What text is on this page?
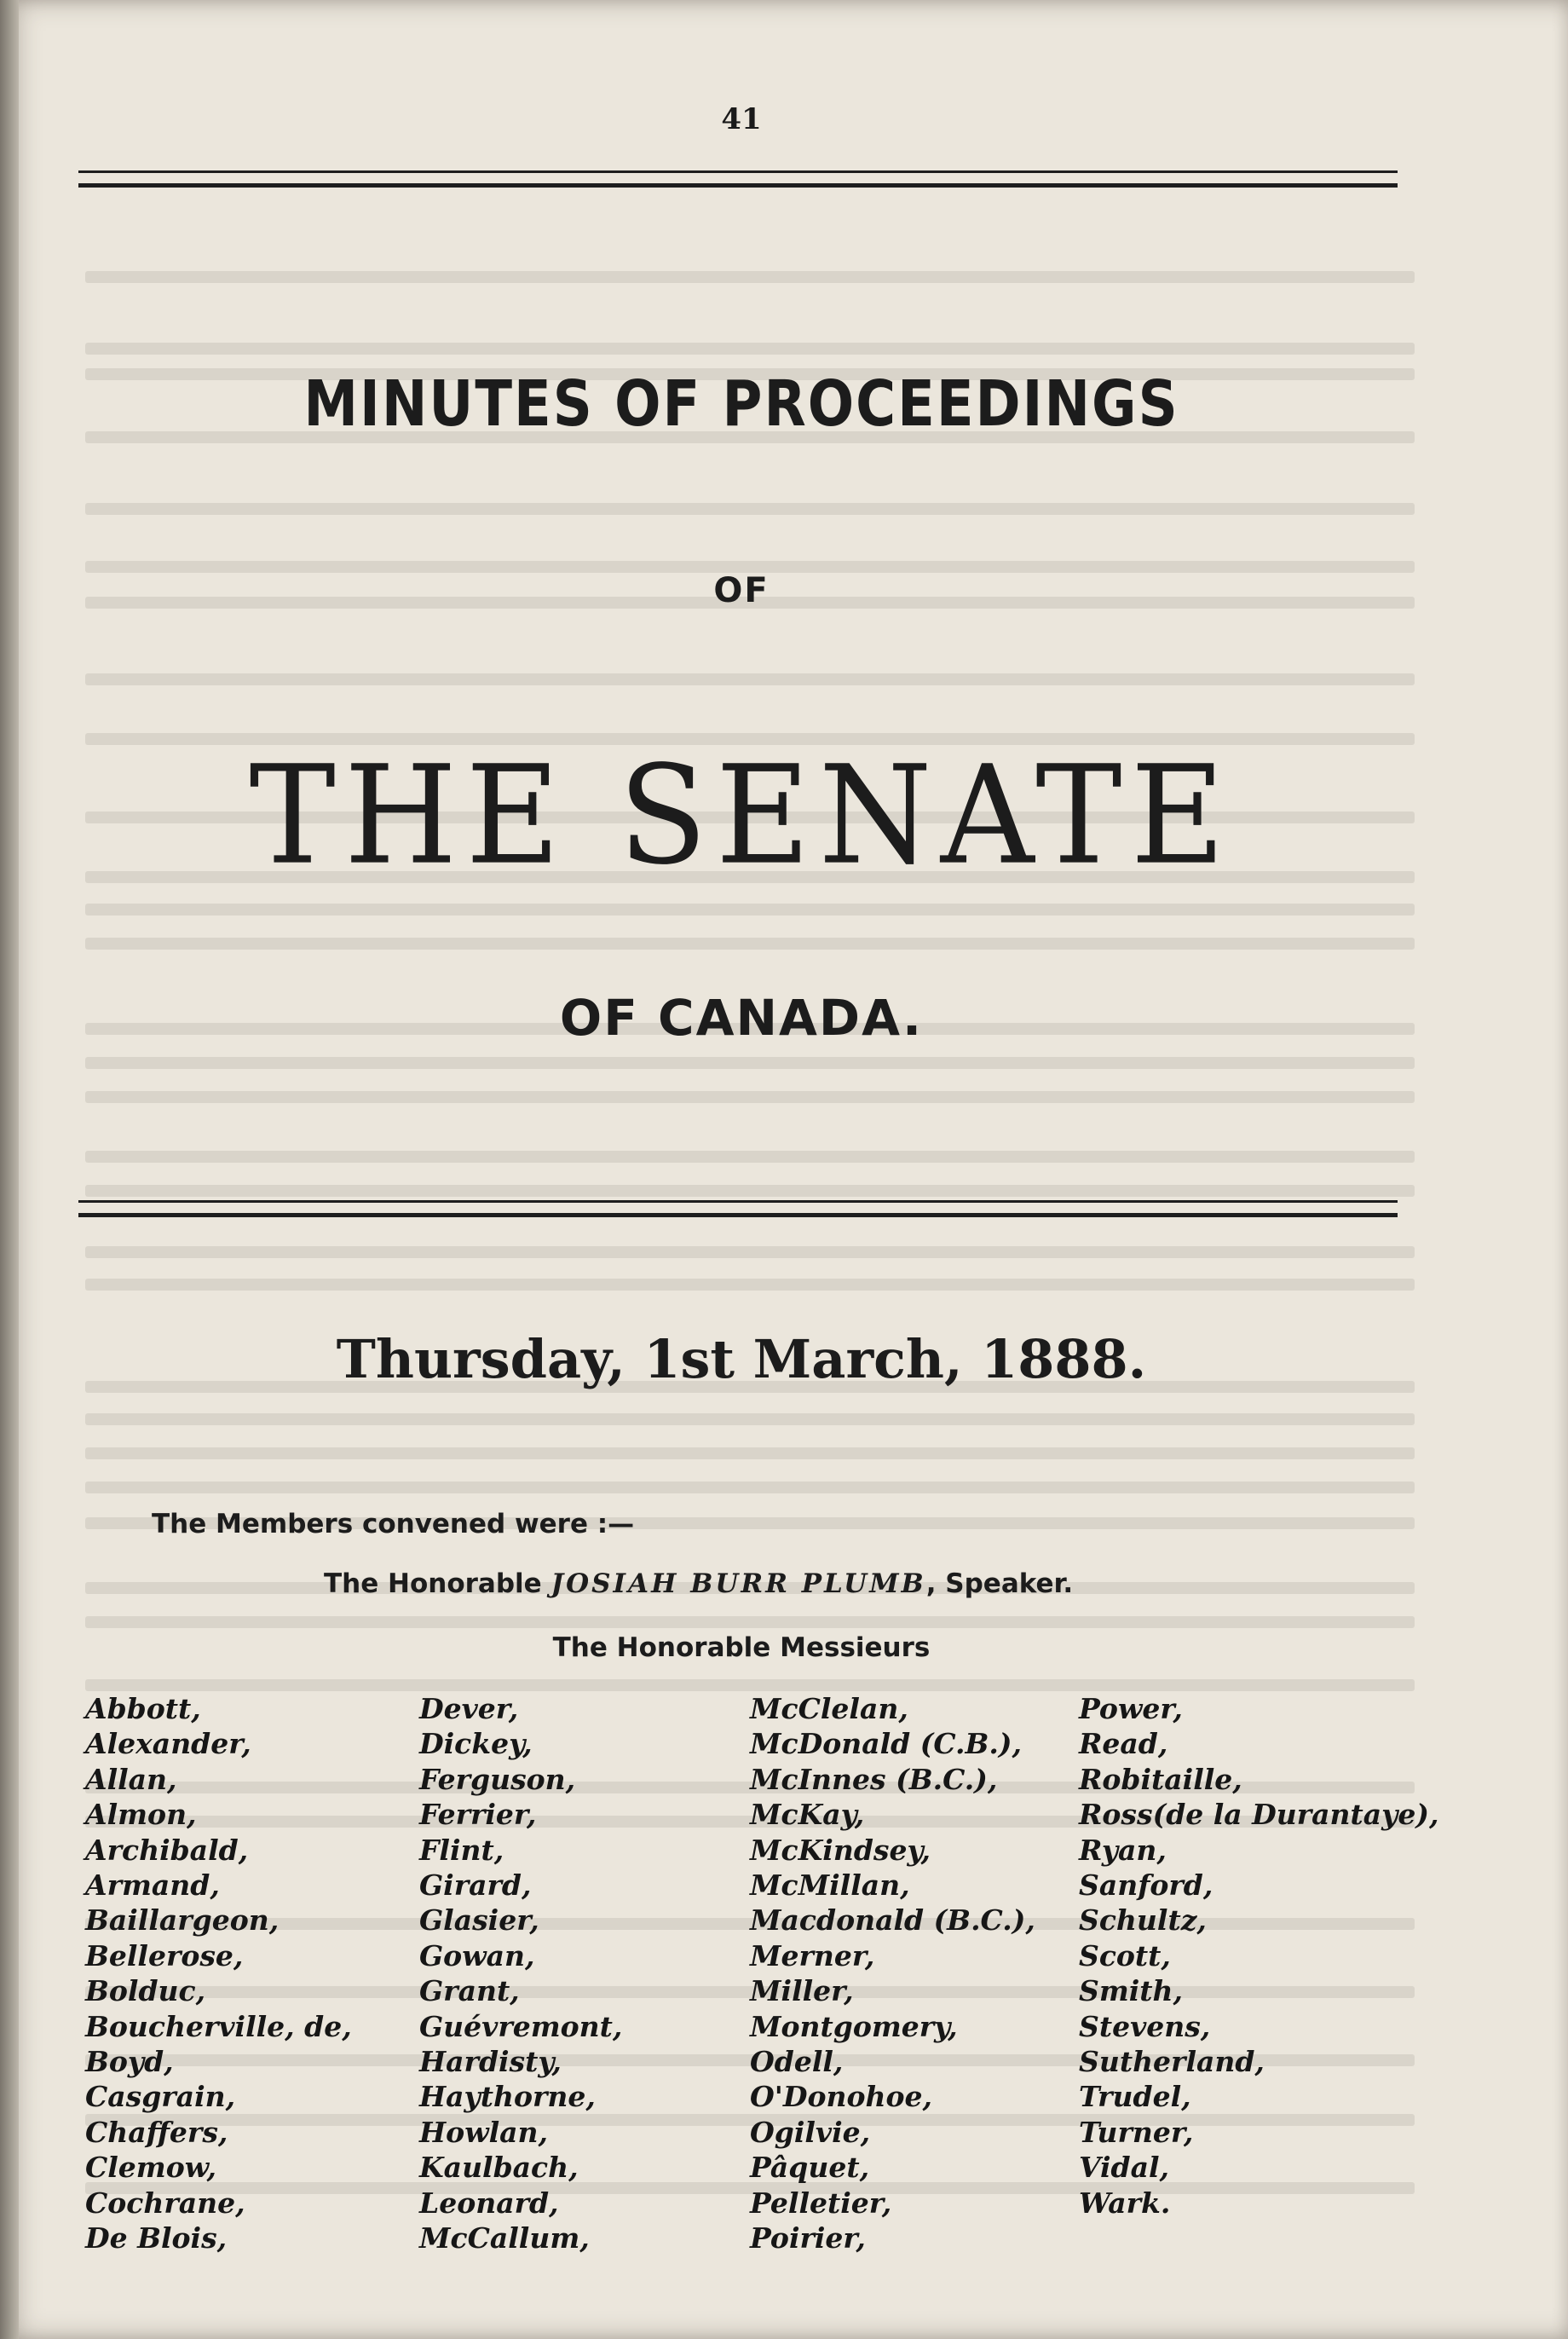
41
MINUTES OF PROCEEDINGS
OF
THE SENATE
OF CANADA.
Thursday, 1st March, 1888.
The Members convened were :—
The Honorable JOSIAH BURR PLUMB, Speaker.
The Honorable Messieurs
Abbott,
Alexander,
Allan,
Almon,
Archibald,
Armand,
Baillargeon,
Bellerose,
Bolduc,
Boucherville, de,
Boyd,
Casgrain,
Chaffers,
Clemow,
Cochrane,
De Blois,
Dever,
Dickey,
Ferguson,
Ferrier,
Flint,
Girard,
Glasier,
Gowan,
Grant,
Guévremont,
Hardisty,
Haythorne,
Howlan,
Kaulbach,
Leonard,
McCallum,
McClelan,
McDonald (C.B.),
McInnes (B.C.),
McKay,
McKindsey,
McMillan,
Macdonald (B.C.),
Merner,
Miller,
Montgomery,
Odell,
O'Donohoe,
Ogilvie,
Pâquet,
Pelletier,
Poirier,
Power,
Read,
Robitaille,
Ross(de la Durantaye),
Ryan,
Sanford,
Schultz,
Scott,
Smith,
Stevens,
Sutherland,
Trudel,
Turner,
Vidal,
Wark.
